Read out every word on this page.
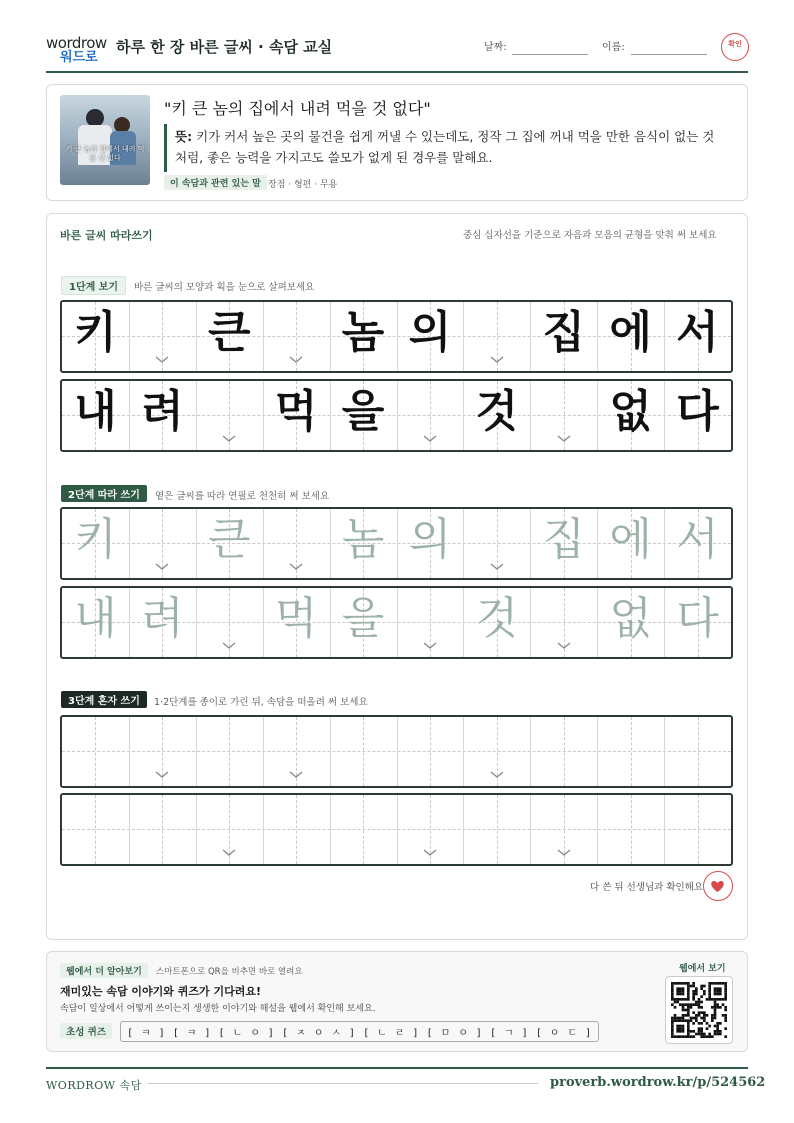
wordrow
워드로
하루 한 장 바른 글씨 · 속담 교실	날짜:	이름:	확인
키 큰 놈의 집에서 내려 먹을 것 없다
"키 큰 놈의 집에서 내려 먹을 것 없다"
뜻: 키가 커서 높은 곳의 물건을 쉽게 꺼낼 수 있는데도, 정작 그 집에 꺼내 먹을 만한 음식이 없는 것처럼, 좋은 능력을 가지고도 쓸모가 없게 된 경우를 말해요.
이 속담과 관련 있는 말 장점 · 형편 · 무용
바른 글씨 따라쓰기	중심 십자선을 기준으로 자음과 모음의 균형을 맞춰 써 보세요
1단계 보기	바른 글씨의 모양과 획을 눈으로 살펴보세요
2단계 따라 쓰기	옅은 글씨를 따라 연필로 천천히 써 보세요
3단계 혼자 쓰기	1·2단계를 종이로 가린 뒤, 속담을 떠올려 써 보세요
키 큰 놈 의 집 에 서
내 려 먹 을 것 없 다
키 큰 놈 의 집 에 서
내 려 먹 을 것 없 다
다 쓴 뒤 선생님과 확인해요
웹에서 더 알아보기	스마트폰으로 QR을 비추면 바로 열려요
재미있는 속담 이야기와 퀴즈가 기다려요!
속담이 일상에서 어떻게 쓰이는지 생생한 이야기와 해설을 웹에서 확인해 보세요.
초성 퀴즈	[ ㅋ ] [ ㅋ ] [ ㄴ ㅇ ] [ ㅈ ㅇ ㅅ ] [ ㄴ ㄹ ] [ ㅁ ㅇ ] [ ㄱ ] [ ㅇ ㄷ ]
웹에서 보기
WORDROW 속담	proverb.wordrow.kr/p/524562
